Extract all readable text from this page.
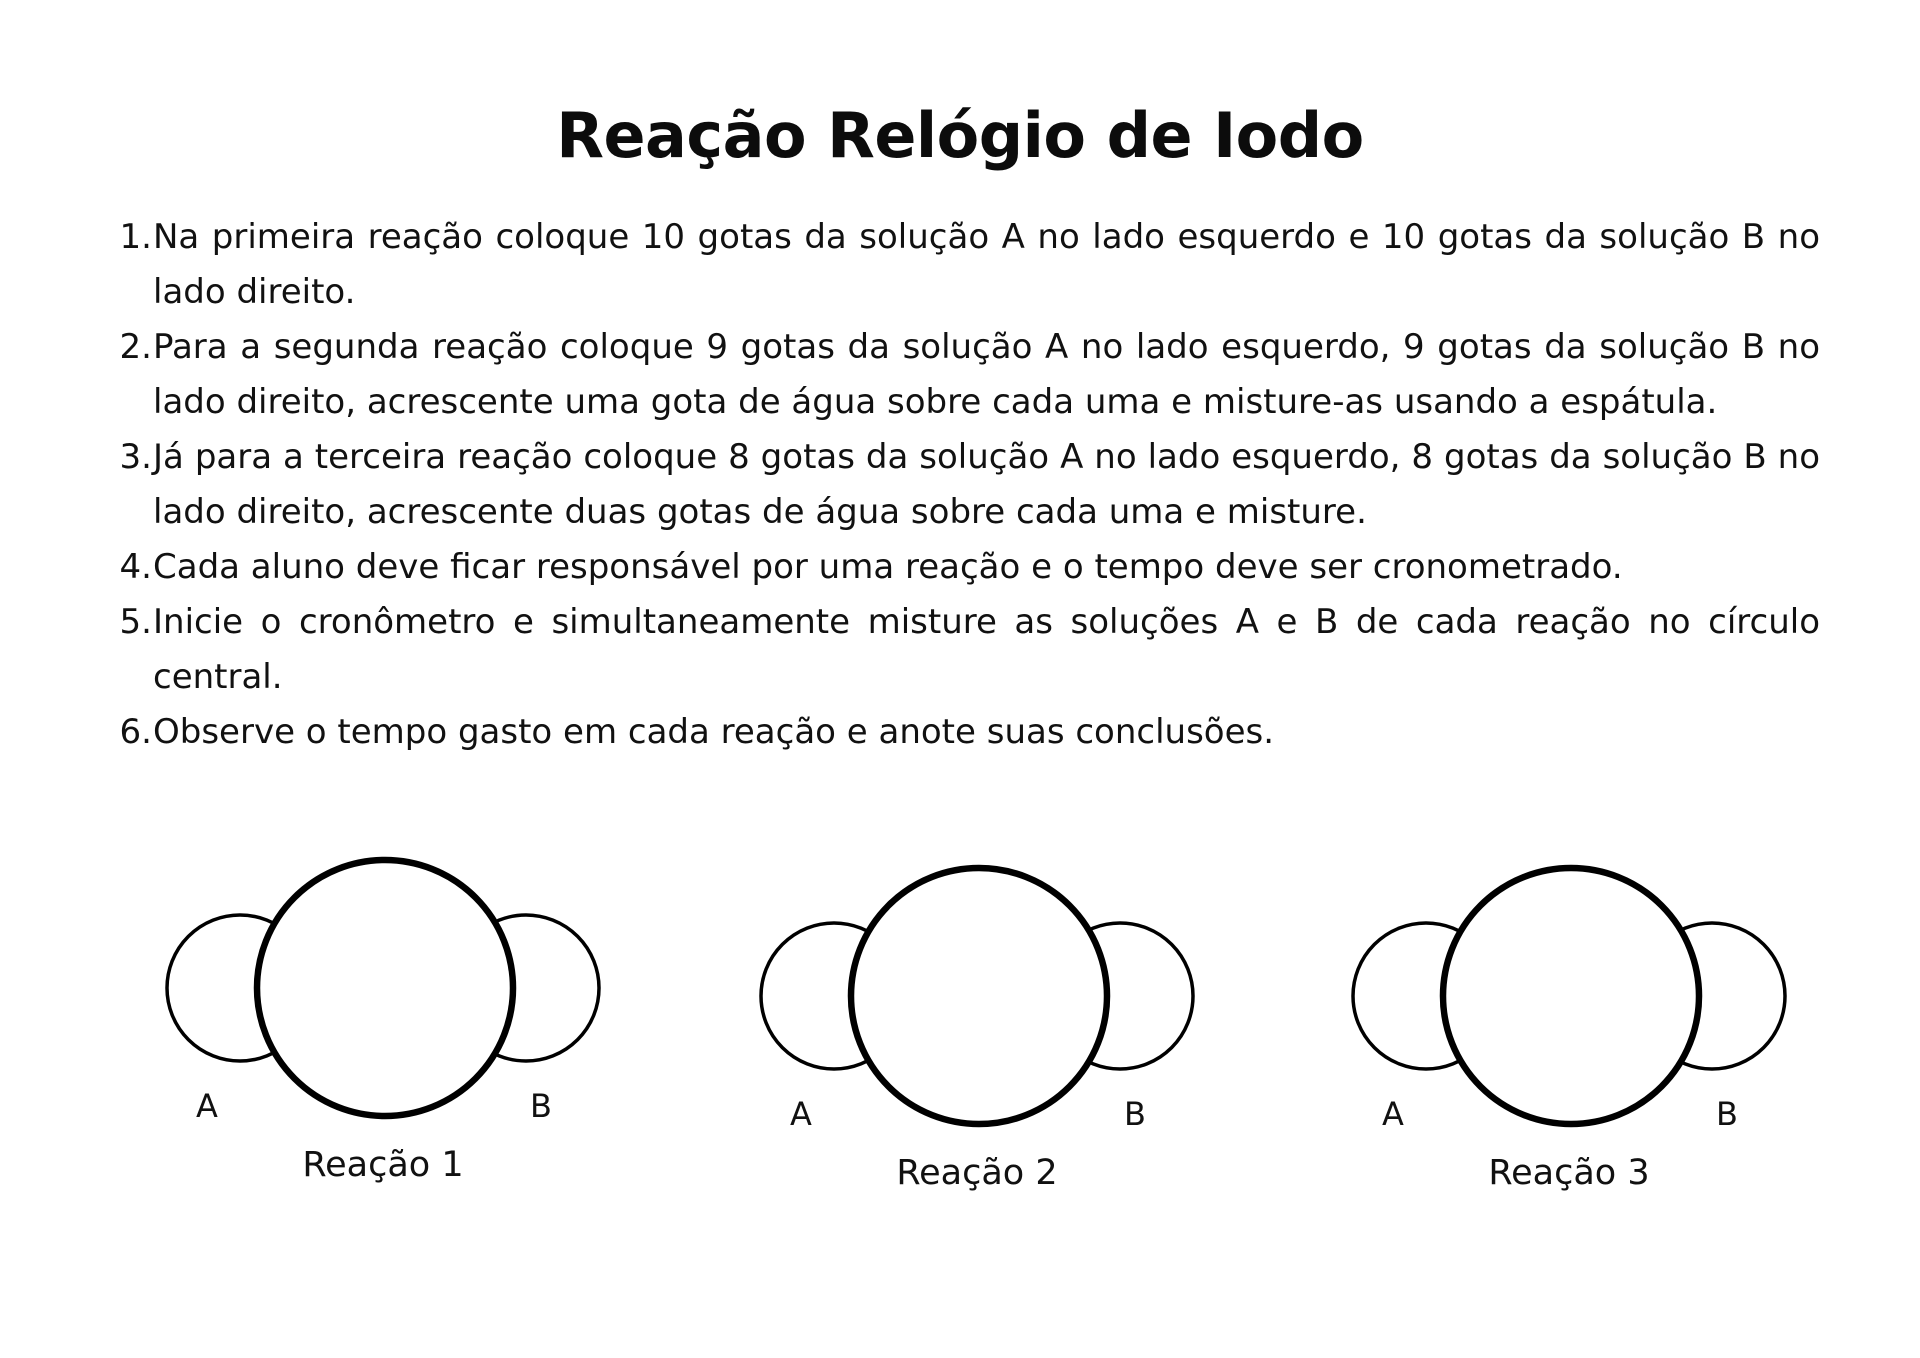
Reação Relógio de Iodo
1. Na primeira reação coloque 10 gotas da solução A no lado esquerdo e 10 gotas da solução B no lado direito.
2. Para a segunda reação coloque 9 gotas da solução A no lado esquerdo, 9 gotas da solução B no lado direito, acrescente uma gota de água sobre cada uma e misture-as usando a espátula.
3. Já para a terceira reação coloque 8 gotas da solução A no lado esquerdo, 8 gotas da solução B no lado direito, acrescente duas gotas de água sobre cada uma e misture.
4. Cada aluno deve ficar responsável por uma reação e o tempo deve ser cronometrado.
5. Inicie o cronômetro e simultaneamente misture as soluções A e B de cada reação no círculo central.
6. Observe o tempo gasto em cada reação e anote suas conclusões.
A	B
Reação 1
A	B
Reação 2
A	B
Reação 3
